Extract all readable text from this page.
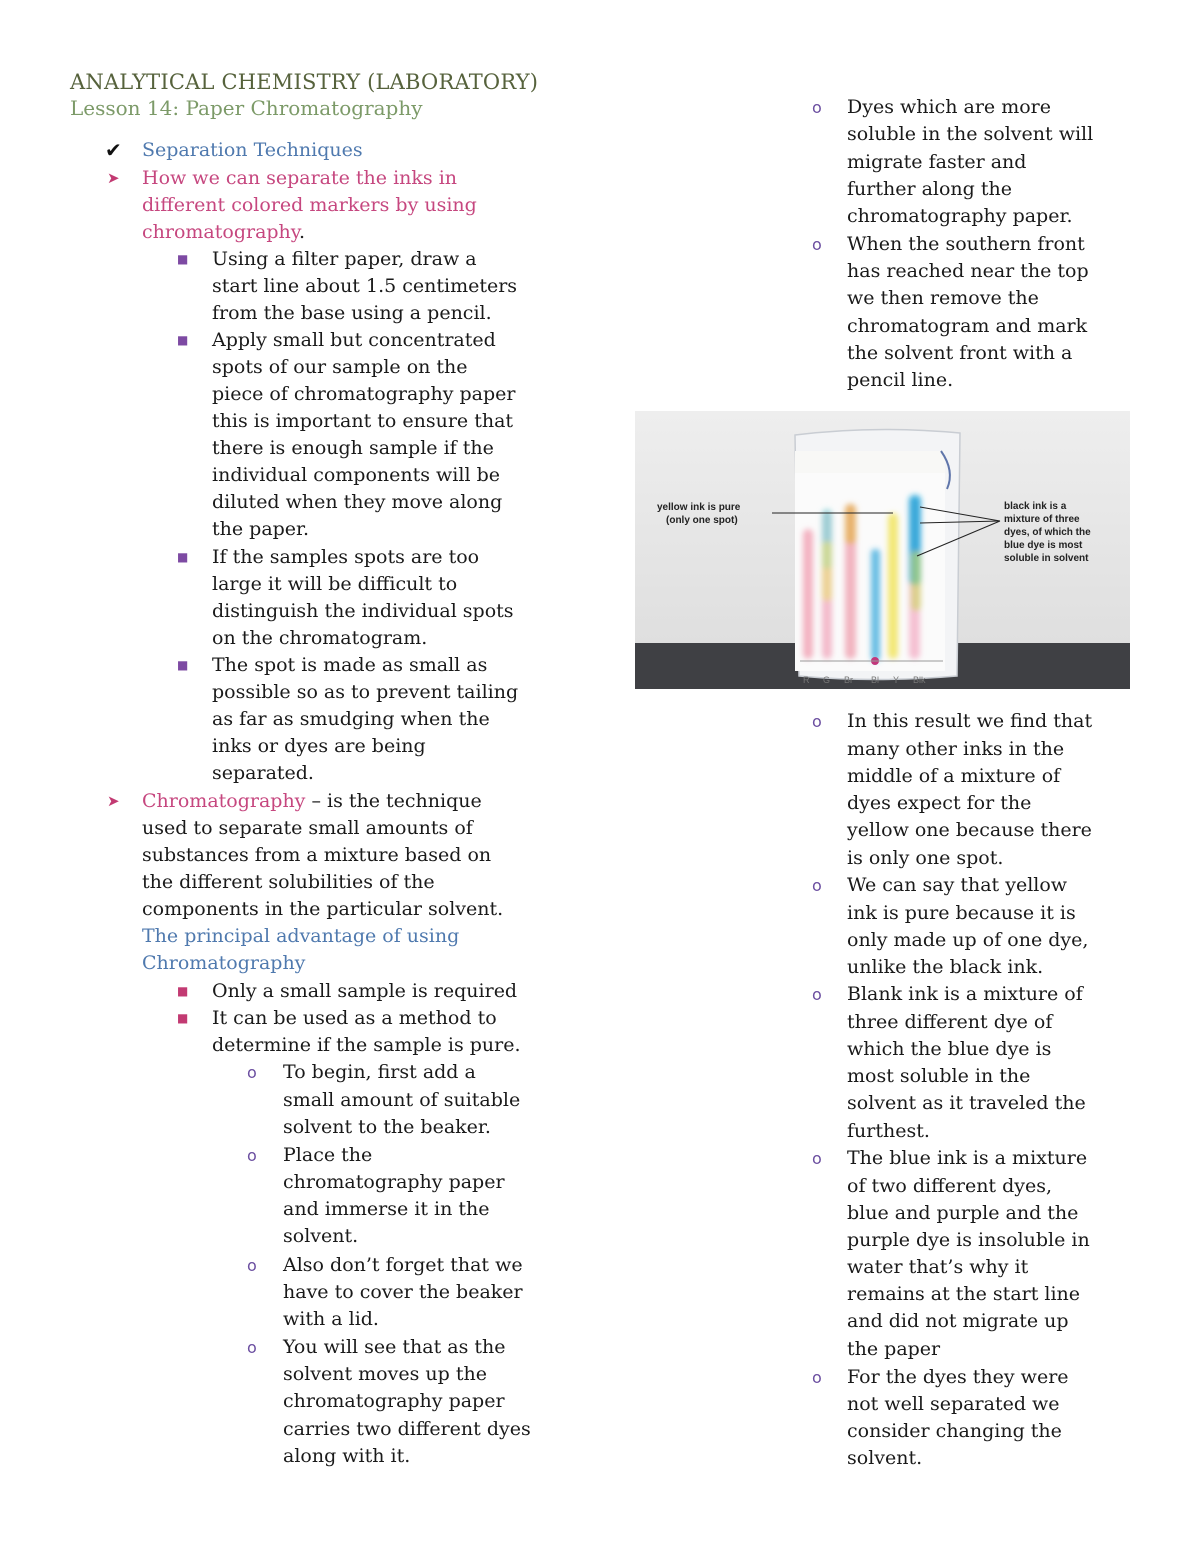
ANALYTICAL CHEMISTRY (LABORATORY)
Lesson 14: Paper Chromatography
✔ Separation Techniques
➤ How we can separate the inks in
different colored markers by using
chromatography.
■ Using a filter paper, draw a
start line about 1.5 centimeters
from the base using a pencil.
■ Apply small but concentrated
spots of our sample on the
piece of chromatography paper
this is important to ensure that
there is enough sample if the
individual components will be
diluted when they move along
the paper.
■ If the samples spots are too
large it will be difficult to
distinguish the individual spots
on the chromatogram.
■ The spot is made as small as
possible so as to prevent tailing
as far as smudging when the
inks or dyes are being
separated.
➤ Chromatography – is the technique
used to separate small amounts of
substances from a mixture based on
the different solubilities of the
components in the particular solvent.
The principal advantage of using
Chromatography
■ Only a small sample is required
■ It can be used as a method to
determine if the sample is pure.
o To begin, first add a
small amount of suitable
solvent to the beaker.
o Place the
chromatography paper
and immerse it in the
solvent.
o Also don’t forget that we
have to cover the beaker
with a lid.
o You will see that as the
solvent moves up the
chromatography paper
carries two different dyes
along with it.
o Dyes which are more
soluble in the solvent will
migrate faster and
further along the
chromatography paper.
o When the southern front
has reached near the top
we then remove the
chromatogram and mark
the solvent front with a
pencil line.
R G Br Bl Y Blk
yellow ink is pure
(only one spot)
black ink is a
mixture of three
dyes, of which the
blue dye is most
soluble in solvent
o In this result we find that
many other inks in the
middle of a mixture of
dyes expect for the
yellow one because there
is only one spot.
o We can say that yellow
ink is pure because it is
only made up of one dye,
unlike the black ink.
o Blank ink is a mixture of
three different dye of
which the blue dye is
most soluble in the
solvent as it traveled the
furthest.
o The blue ink is a mixture
of two different dyes,
blue and purple and the
purple dye is insoluble in
water that’s why it
remains at the start line
and did not migrate up
the paper
o For the dyes they were
not well separated we
consider changing the
solvent.
